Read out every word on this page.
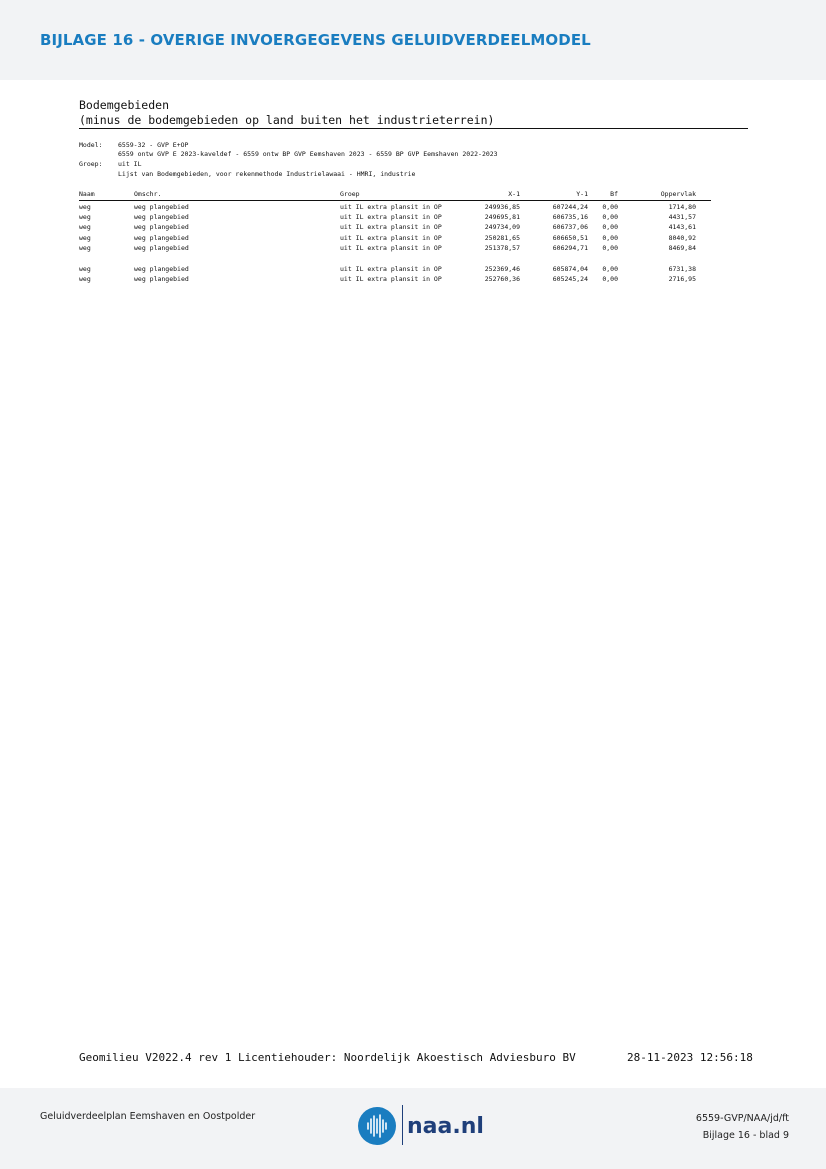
BIJLAGE 16 - OVERIGE INVOERGEGEVENS GELUIDVERDEELMODEL
Bodemgebieden
(minus de bodemgebieden op land buiten het industrieterrein)
Model: 6559-32 - GVP E+OP
6559 ontw GVP E 2023-kaveldef - 6559 ontw BP GVP Eemshaven 2023 - 6559 BP GVP Eemshaven 2022-2023
Groep: uit IL
Lijst van Bodemgebieden, voor rekenmethode Industrielawaai - HMRI, industrie
Naam	Omschr.	Groep	X-1	Y-1	Bf	Oppervlak
weg	weg plangebied	uit IL extra plansit in OP	249936,85	607244,24	0,00	1714,80
weg	weg plangebied	uit IL extra plansit in OP	249695,81	606735,16	0,00	4431,57
weg	weg plangebied	uit IL extra plansit in OP	249734,09	606737,06	0,00	4143,61
weg	weg plangebied	uit IL extra plansit in OP	250281,65	606650,51	0,00	8040,92
weg	weg plangebied	uit IL extra plansit in OP	251378,57	606294,71	0,00	8469,84
weg	weg plangebied	uit IL extra plansit in OP	252369,46	605874,04	0,00	6731,38
weg	weg plangebied	uit IL extra plansit in OP	252760,36	605245,24	0,00	2716,95
Geomilieu V2022.4 rev 1 Licentiehouder: Noordelijk Akoestisch Adviesburo BV	28-11-2023 12:56:18
Geluidverdeelplan Eemshaven en Oostpolder	naa.nl	6559-GVP/NAA/jd/ft
Bijlage 16 - blad 9
